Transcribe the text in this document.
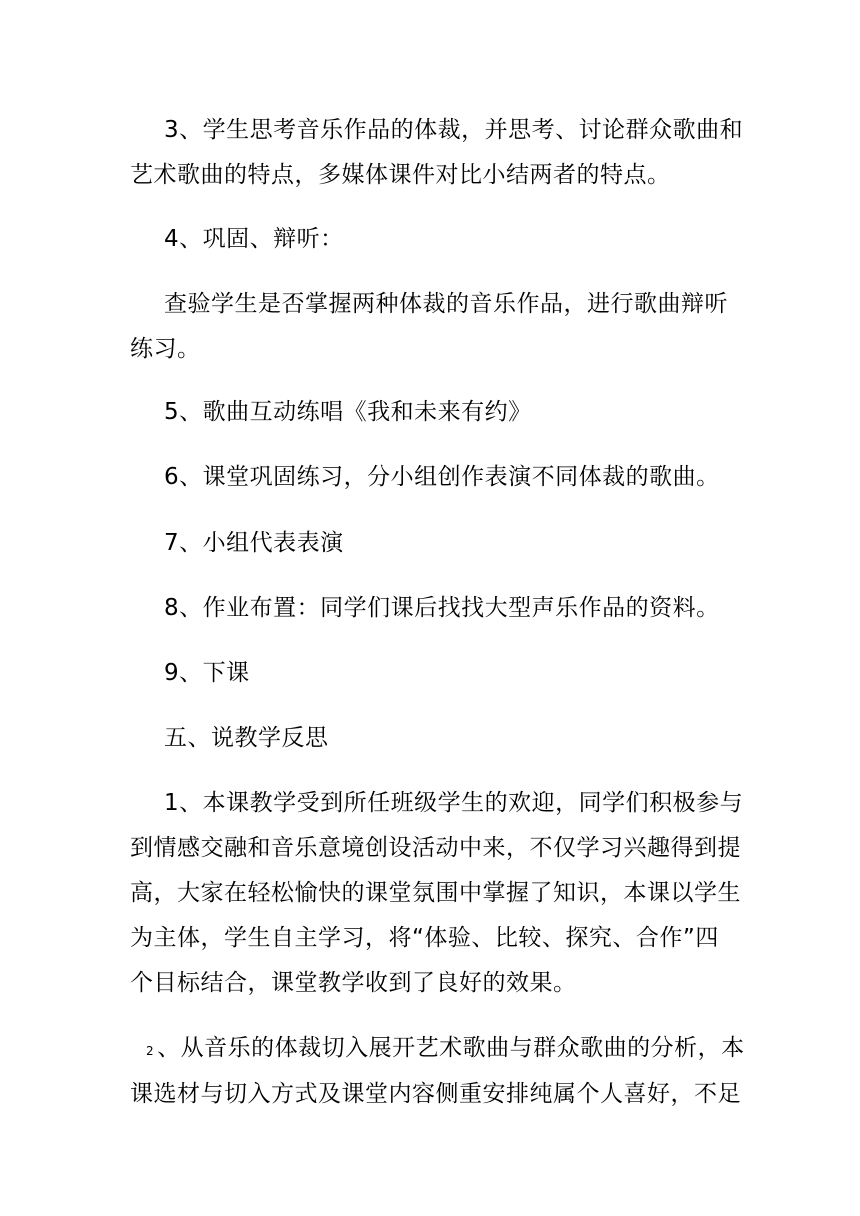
3、学生思考音乐作品的体裁，并思考、讨论群众歌曲和

艺术歌曲的特点，多媒体课件对比小结两者的特点。

4、巩固、辩听：

查验学生是否掌握两种体裁的音乐作品，进行歌曲辩听

练习。

5、歌曲互动练唱《我和未来有约》

6、课堂巩固练习，分小组创作表演不同体裁的歌曲。

7、小组代表表演

8、作业布置：同学们课后找找大型声乐作品的资料。

9、下课

五、说教学反思

1、本课教学受到所任班级学生的欢迎，同学们积极参与

到情感交融和音乐意境创设活动中来，不仅学习兴趣得到提

高，大家在轻松愉快的课堂氛围中掌握了知识，本课以学生

为主体，学生自主学习，将“体验、比较、探究、合作”四

个目标结合，课堂教学收到了良好的效果。

2 、从音乐的体裁切入展开艺术歌曲与群众歌曲的分析，本

课选材与切入方式及课堂内容侧重安排纯属个人喜好，不足
